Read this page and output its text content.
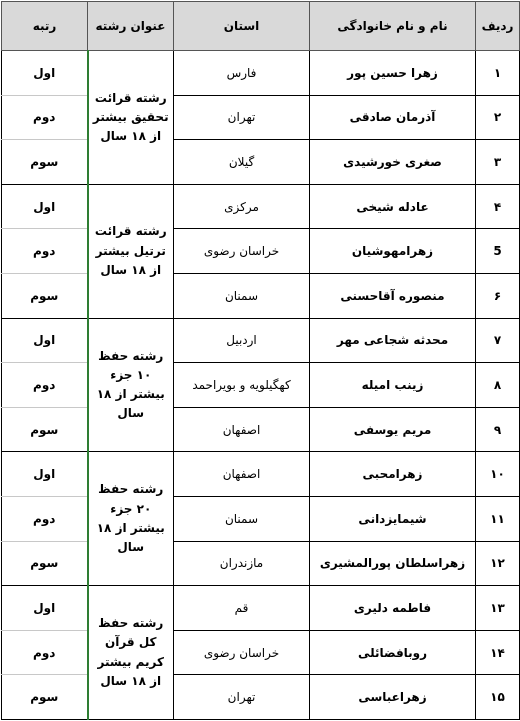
ردیف	نام و نام خانوادگی	استان	عنوان رشته	رتبه
۱	زهرا حسین پور	فارس	رشته قرائت تحقیق بیشتر از ۱۸ سال	اول
۲	آذرمان صادقی	تهران		دوم
۳	صغری خورشیدی	گیلان		سوم
۴	عادله شیخی	مرکزی	رشته قرائت ترتیل بیشتر از ۱۸ سال	اول
5	زهرامهوشیان	خراسان رضوی		دوم
۶	منصوره آقاحسنی	سمنان		سوم
۷	محدثه شجاعی مهر	اردبیل	رشته حفظ ۱۰ جزء بیشتر از ۱۸ سال	اول
۸	زینب امیله	کهگیلویه و بویراحمد		دوم
۹	مریم یوسفی	اصفهان		سوم
۱۰	زهرامحبی	اصفهان	رشته حفظ ۲۰ جزء بیشتر از ۱۸ سال	اول
۱۱	شیمایزدانی	سمنان		دوم
۱۲	زهراسلطان پورالمشیری	مازندران		سوم
۱۳	فاطمه دلیری	قم	رشته حفظ کل قرآن کریم بیشتر از ۱۸ سال	اول
۱۴	روبافضائلی	خراسان رضوی		دوم
۱۵	زهراعباسی	تهران		سوم
